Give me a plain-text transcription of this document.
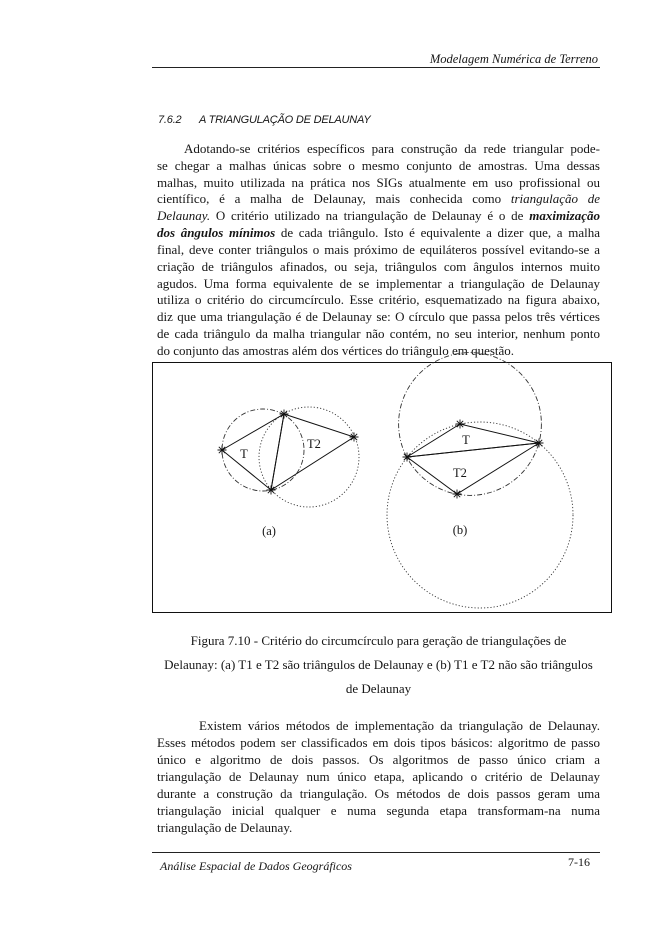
Modelagem Numérica de Terreno
7.6.2 A TRIANGULAÇÃO DE DELAUNAY
Adotando-se critérios específicos para construção da rede triangular pode-
se chegar a malhas únicas sobre o mesmo conjunto de amostras. Uma dessas
malhas, muito utilizada na prática nos SIGs atualmente em uso profissional ou
científico, é a malha de Delaunay, mais conhecida como triangulação de
Delaunay. O critério utilizado na triangulação de Delaunay é o de maximização
dos ângulos mínimos de cada triângulo. Isto é equivalente a dizer que, a malha
final, deve conter triângulos o mais próximo de equiláteros possível evitando-se a
criação de triângulos afinados, ou seja, triângulos com ângulos internos muito
agudos. Uma forma equivalente de se implementar a triangulação de Delaunay
utiliza o critério do circumcírculo. Esse critério, esquematizado na figura abaixo,
diz que uma triangulação é de Delaunay se: O círculo que passa pelos três vértices
de cada triângulo da malha triangular não contém, no seu interior, nenhum ponto
do conjunto das amostras além dos vértices do triângulo em questão.
T
T2
(a)
T
T2
(b)
Figura 7.10 - Critério do circumcírculo para geração de triangulações de
Delaunay: (a) T1 e T2 são triângulos de Delaunay e (b) T1 e T2 não são triângulos
de Delaunay
Existem vários métodos de implementação da triangulação de Delaunay.
Esses métodos podem ser classificados em dois tipos básicos: algoritmo de passo
único e algoritmo de dois passos. Os algoritmos de passo único criam a
triangulação de Delaunay num único etapa, aplicando o critério de Delaunay
durante a construção da triangulação. Os métodos de dois passos geram uma
triangulação inicial qualquer e numa segunda etapa transformam-na numa
triangulação de Delaunay.
Análise Espacial de Dados Geográficos	7-16
